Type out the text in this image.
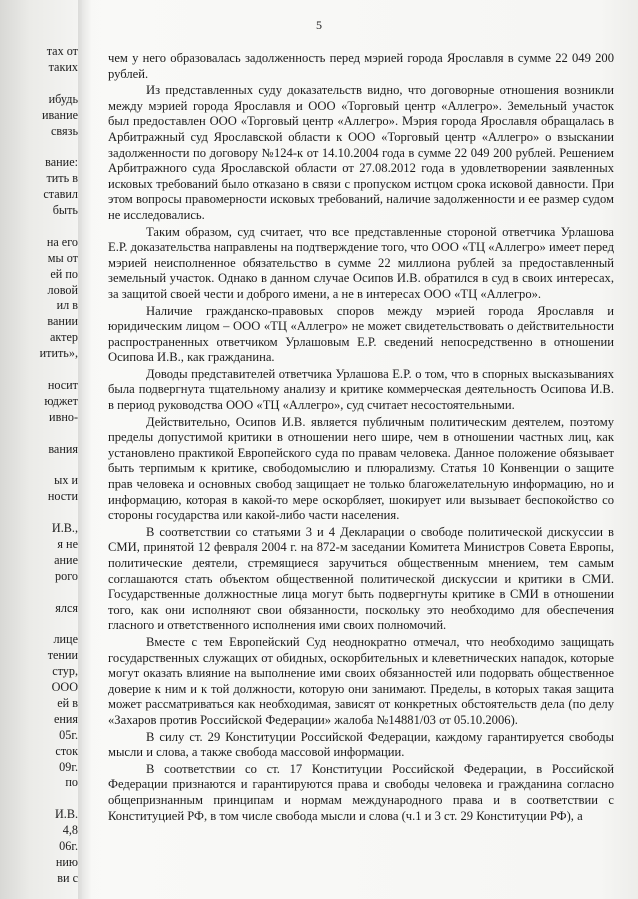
тах от
таких
ибудь
ивание
связь
вание:
тить в
ставил
быть
на его
мы от
ей по
ловой
ил в
вании
актер
итить»,
носит
юджет
ивно-
вания
ых и
ности
И.В.,
я не
ание
рого
ялся
лице
тении
стур,
ООО
ей в
ения
05г.
сток
09г.
по
И.В.
4,8
06г.
нию
ви с
5

чем у него образовалась задолженность перед мэрией города Ярославля в сумме 22 049 200 рублей.

Из представленных суду доказательств видно, что договорные отношения возникли между мэрией города Ярославля и ООО «Торговый центр «Аллегро». Земельный участок был предоставлен ООО «Торговый центр «Аллегро». Мэрия города Ярославля обращалась в Арбитражный суд Ярославской области к ООО «Торговый центр «Аллегро» о взыскании задолженности по договору №124-к от 14.10.2004 года в сумме 22 049 200 рублей. Решением Арбитражного суда Ярославской области от 27.08.2012 года в удовлетворении заявленных исковых требований было отказано в связи с пропуском истцом срока исковой давности. При этом вопросы правомерности исковых требований, наличие задолженности и ее размер судом не исследовались.

Таким образом, суд считает, что все представленные стороной ответчика Урлашова Е.Р. доказательства направлены на подтверждение того, что ООО «ТЦ «Аллегро» имеет перед мэрией неисполненное обязательство в сумме 22 миллиона рублей за предоставленный земельный участок. Однако в данном случае Осипов И.В. обратился в суд в своих интересах, за защитой своей чести и доброго имени, а не в интересах ООО «ТЦ «Аллегро».

Наличие гражданско-правовых споров между мэрией города Ярославля и юридическим лицом – ООО «ТЦ «Аллегро» не может свидетельствовать о действительности распространенных ответчиком Урлашовым Е.Р. сведений непосредственно в отношении Осипова И.В., как гражданина.

Доводы представителей ответчика Урлашова Е.Р. о том, что в спорных высказываниях была подвергнута тщательному анализу и критике коммерческая деятельность Осипова И.В. в период руководства ООО «ТЦ «Аллегро», суд считает несостоятельными.

Действительно, Осипов И.В. является публичным политическим деятелем, поэтому пределы допустимой критики в отношении него шире, чем в отношении частных лиц, как установлено практикой Европейского суда по правам человека. Данное положение обязывает быть терпимым к критике, свободомыслию и плюрализму. Статья 10 Конвенции о защите прав человека и основных свобод защищает не только благожелательную информацию, но и информацию, которая в какой-то мере оскорбляет, шокирует или вызывает беспокойство со стороны государства или какой-либо части населения.

В соответствии со статьями 3 и 4 Декларации о свободе политической дискуссии в СМИ, принятой 12 февраля 2004 г. на 872-м заседании Комитета Министров Совета Европы, политические деятели, стремящиеся заручиться общественным мнением, тем самым соглашаются стать объектом общественной политической дискуссии и критики в СМИ. Государственные должностные лица могут быть подвергнуты критике в СМИ в отношении того, как они исполняют свои обязанности, поскольку это необходимо для обеспечения гласного и ответственного исполнения ими своих полномочий.

Вместе с тем Европейский Суд неоднократно отмечал, что необходимо защищать государственных служащих от обидных, оскорбительных и клеветнических нападок, которые могут оказать влияние на выполнение ими своих обязанностей или подорвать общественное доверие к ним и к той должности, которую они занимают. Пределы, в которых такая защита может рассматриваться как необходимая, зависят от конкретных обстоятельств дела (по делу «Захаров против Российской Федерации» жалоба №14881/03 от 05.10.2006).

В силу ст. 29 Конституции Российской Федерации, каждому гарантируется свободы мысли и слова, а также свобода массовой информации.

В соответствии со ст. 17 Конституции Российской Федерации, в Российской Федерации признаются и гарантируются права и свободы человека и гражданина согласно общепризнанным принципам и нормам международного права и в соответствии с Конституцией РФ, в том числе свобода мысли и слова (ч.1 и 3 ст. 29 Конституции РФ), а
